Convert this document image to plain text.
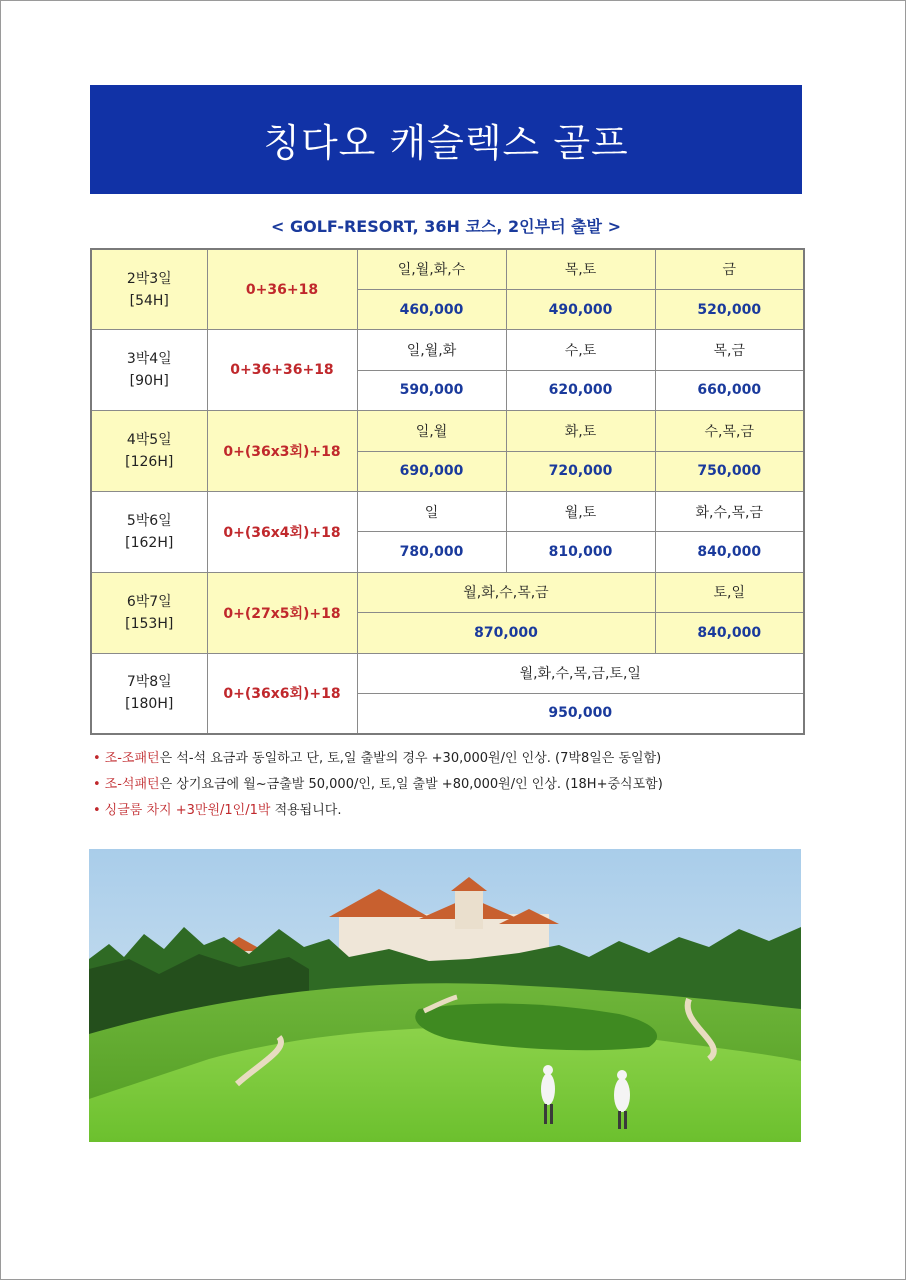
칭다오 캐슬렉스 골프
< GOLF-RESORT, 36H 코스, 2인부터 출발 >
2박3일
[54H]	0+36+18	일,월,화,수	목,토	금
		460,000	490,000	520,000

3박4일
[90H]	0+36+36+18	일,월,화	수,토	목,금
		590,000	620,000	660,000

4박5일
[126H]	0+(36x3회)+18	일,월	화,토	수,목,금
		690,000	720,000	750,000

5박6일
[162H]	0+(36x4회)+18	일	월,토	화,수,목,금
		780,000	810,000	840,000

6박7일
[153H]	0+(27x5회)+18	월,화,수,목,금		토,일
		870,000		840,000

7박8일
[180H]	0+(36x6회)+18	월,화,수,목,금,토,일		
		950,000		
• 조-조패턴은 석-석 요금과 동일하고 단, 토,일 출발의 경우 +30,000원/인 인상. (7박8일은 동일함)
• 조-석패턴은 상기요금에 월~금출발 50,000/인, 토,일 출발 +80,000원/인 인상. (18H+중식포함)
• 싱글룸 차지 +3만원/1인/1박 적용됩니다.
